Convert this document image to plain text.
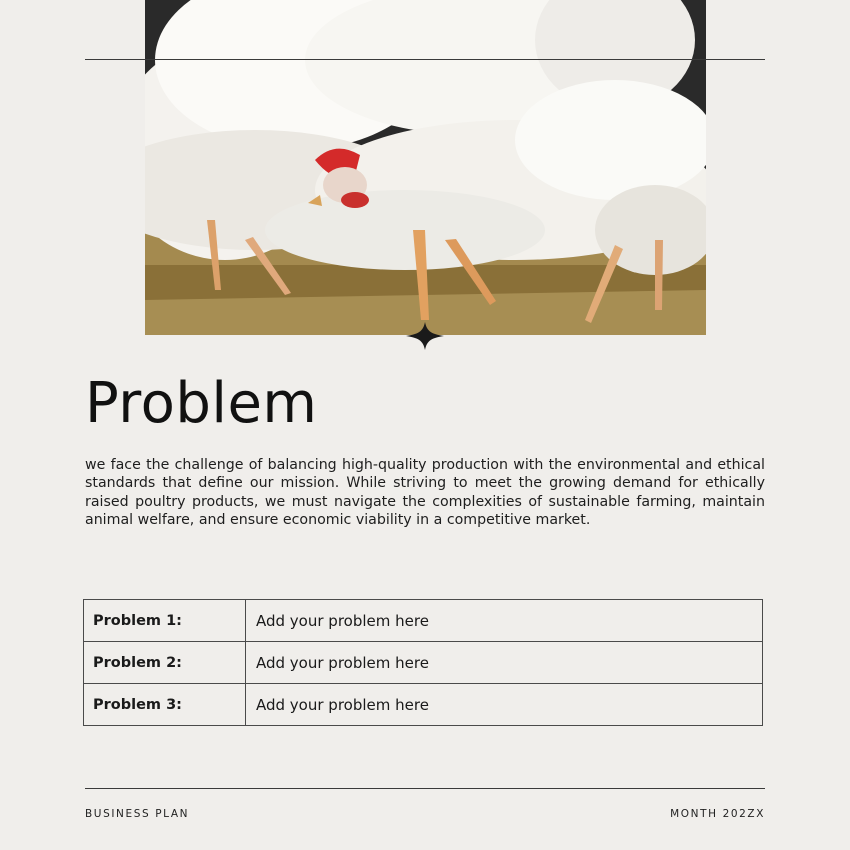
Problem

we face the challenge of balancing high-quality production with the environmental and ethical standards that define our mission. While striving to meet the growing demand for ethically raised poultry products, we must navigate the complexities of sustainable farming, maintain animal welfare, and ensure economic viability in a competitive market.

Problem 1:	Add your problem here
Problem 2:	Add your problem here
Problem 3:	Add your problem here
BUSINESS PLAN	MONTH 202ZX
